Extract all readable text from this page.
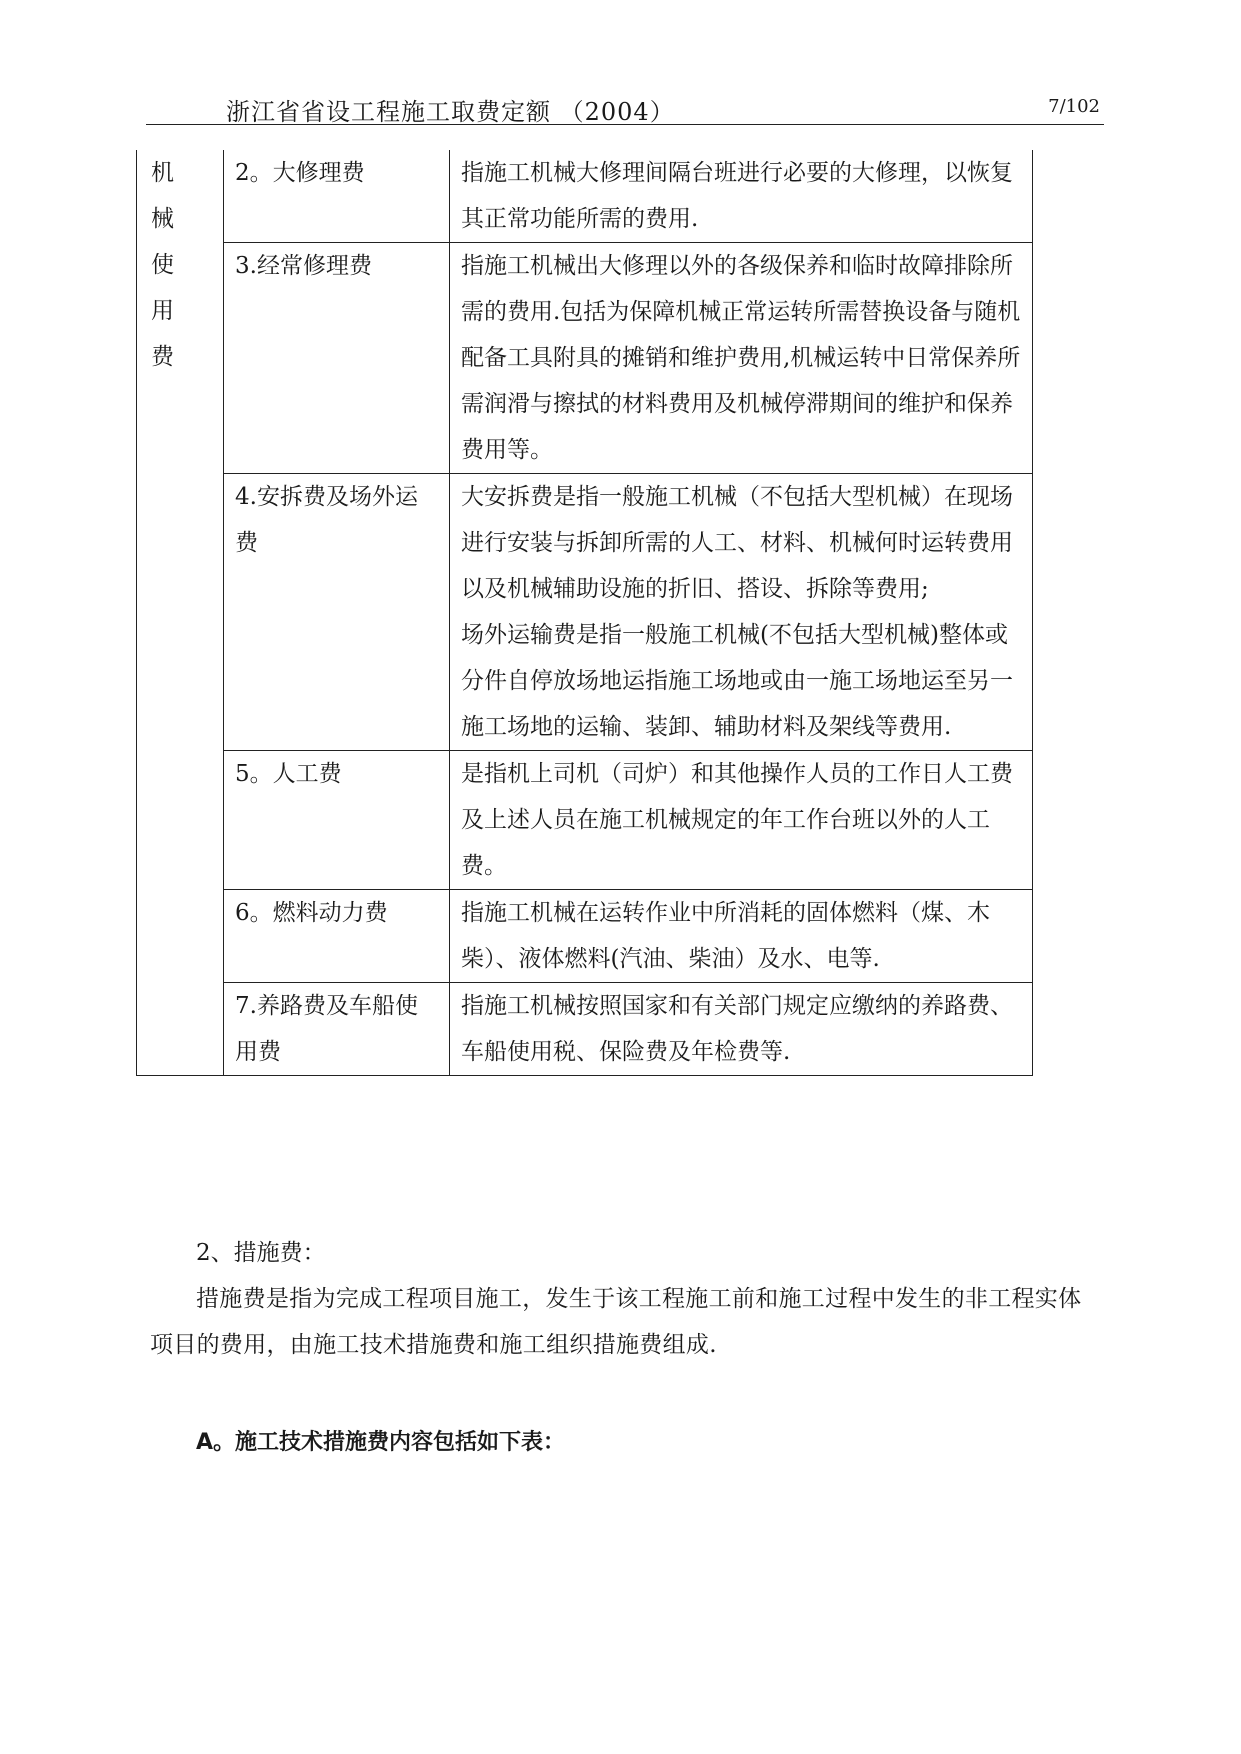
浙江省省设工程施工取费定额 （2004）	7/102
机
械
使
用
费	2。大修理费	指施工机械大修理间隔台班进行必要的大修理，以恢复其正常功能所需的费用.
	3.经常修理费	指施工机械出大修理以外的各级保养和临时故障排除所需的费用.包括为保障机械正常运转所需替换设备与随机配备工具附具的摊销和维护费用,机械运转中日常保养所需润滑与擦拭的材料费用及机械停滞期间的维护和保养费用等。
	4.安拆费及场外运费	大安拆费是指一般施工机械（不包括大型机械）在现场进行安装与拆卸所需的人工、材料、机械何时运转费用以及机械辅助设施的折旧、搭设、拆除等费用;
场外运输费是指一般施工机械(不包括大型机械)整体或分件自停放场地运指施工场地或由一施工场地运至另一施工场地的运输、装卸、辅助材料及架线等费用.

	5。人工费	是指机上司机（司炉）和其他操作人员的工作日人工费及上述人员在施工机械规定的年工作台班以外的人工费。
	6。燃料动力费	指施工机械在运转作业中所消耗的固体燃料（煤、木柴）、液体燃料(汽油、柴油）及水、电等.
	7.养路费及车船使用费	指施工机械按照国家和有关部门规定应缴纳的养路费、车船使用税、保险费及年检费等.
2、措施费：
措施费是指为完成工程项目施工，发生于该工程施工前和施工过程中发生的非工程实体项目的费用，由施工技术措施费和施工组织措施费组成.
A。施工技术措施费内容包括如下表：
